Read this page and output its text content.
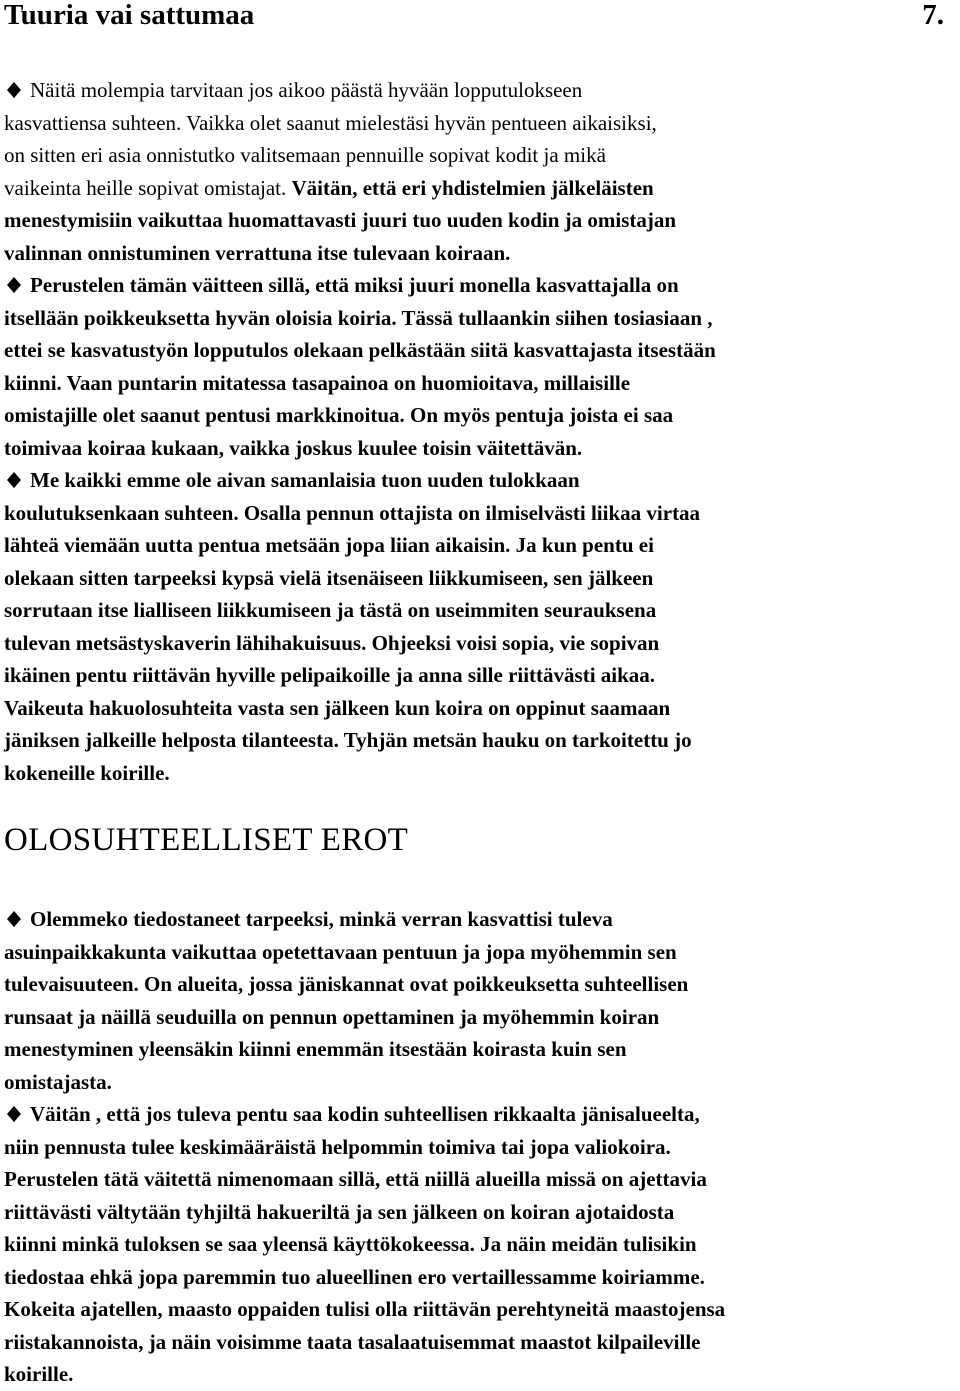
Tuuria vai sattumaa	7.
Näitä molempia tarvitaan jos aikoo päästä hyvään lopputulokseen
kasvattiensa suhteen. Vaikka olet saanut mielestäsi hyvän pentueen aikaisiksi,
on sitten eri asia onnistutko valitsemaan pennuille sopivat kodit ja mikä
vaikeinta heille sopivat omistajat. Väitän, että eri yhdistelmien jälkeläisten
menestymisiin vaikuttaa huomattavasti juuri tuo uuden kodin ja omistajan
valinnan onnistuminen verrattuna itse tulevaan koiraan.
Perustelen tämän väitteen sillä, että miksi juuri monella kasvattajalla on
itsellään poikkeuksetta hyvän oloisia koiria. Tässä tullaankin siihen tosiasiaan ,
ettei se kasvatustyön lopputulos olekaan pelkästään siitä kasvattajasta itsestään
kiinni. Vaan puntarin mitatessa tasapainoa on huomioitava, millaisille
omistajille olet saanut pentusi markkinoitua. On myös pentuja joista ei saa
toimivaa koiraa kukaan, vaikka joskus kuulee toisin väitettävän.
Me kaikki emme ole aivan samanlaisia tuon uuden tulokkaan
koulutuksenkaan suhteen. Osalla pennun ottajista on ilmiselvästi liikaa virtaa
lähteä viemään uutta pentua metsään jopa liian aikaisin. Ja kun pentu ei
olekaan sitten tarpeeksi kypsä vielä itsenäiseen liikkumiseen, sen jälkeen
sorrutaan itse lialliseen liikkumiseen ja tästä on useimmiten seurauksena
tulevan metsästyskaverin lähihakuisuus. Ohjeeksi voisi sopia, vie sopivan
ikäinen pentu riittävän hyville pelipaikoille ja anna sille riittävästi aikaa.
Vaikeuta hakuolosuhteita vasta sen jälkeen kun koira on oppinut saamaan
jäniksen jalkeille helposta tilanteesta. Tyhjän metsän hauku on tarkoitettu jo
kokeneille koirille.
OLOSUHTEELLISET EROT
Olemmeko tiedostaneet tarpeeksi, minkä verran kasvattisi tuleva
asuinpaikkakunta vaikuttaa opetettavaan pentuun ja jopa myöhemmin sen
tulevaisuuteen. On alueita, jossa jäniskannat ovat poikkeuksetta suhteellisen
runsaat ja näillä seuduilla on pennun opettaminen ja myöhemmin koiran
menestyminen yleensäkin kiinni enemmän itsestään koirasta kuin sen
omistajasta.
Väitän , että jos tuleva pentu saa kodin suhteellisen rikkaalta jänisalueelta,
niin pennusta tulee keskimääräistä helpommin toimiva tai jopa valiokoira.
Perustelen tätä väitettä nimenomaan sillä, että niillä alueilla missä on ajettavia
riittävästi vältytään tyhjiltä hakueriltä ja sen jälkeen on koiran ajotaidosta
kiinni minkä tuloksen se saa yleensä käyttökokeessa. Ja näin meidän tulisikin
tiedostaa ehkä jopa paremmin tuo alueellinen ero vertaillessamme koiriamme.
Kokeita ajatellen, maasto oppaiden tulisi olla riittävän perehtyneitä maastojensa
riistakannoista, ja näin voisimme taata tasalaatuisemmat maastot kilpaileville
koirille.
